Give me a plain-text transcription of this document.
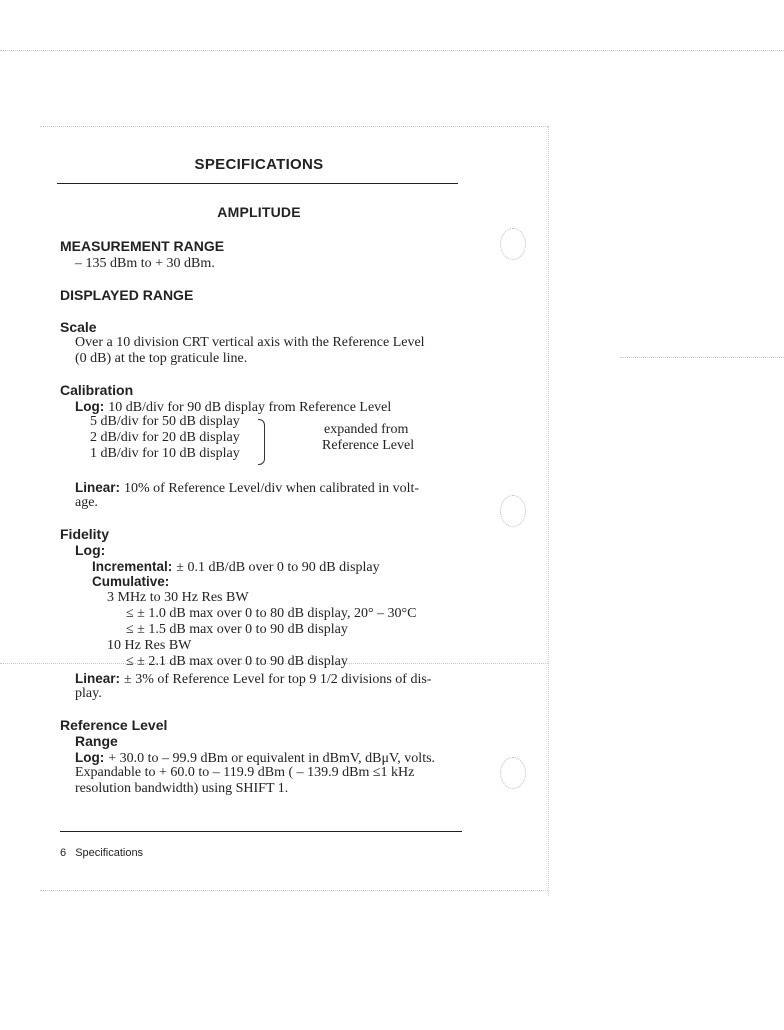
SPECIFICATIONS
AMPLITUDE
MEASUREMENT RANGE
– 135 dBm to + 30 dBm.
DISPLAYED RANGE
Scale
Over a 10 division CRT vertical axis with the Reference Level
(0 dB) at the top graticule line.
Calibration
Log: 10 dB/div for 90 dB display from Reference Level
5 dB/div for 50 dB display
2 dB/div for 20 dB display
1 dB/div for 10 dB display
expanded from
Reference Level
Linear: 10% of Reference Level/div when calibrated in volt-
age.
Fidelity
Log:
Incremental: ± 0.1 dB/dB over 0 to 90 dB display
Cumulative:
3 MHz to 30 Hz Res BW
≤ ± 1.0 dB max over 0 to 80 dB display, 20° – 30°C
≤ ± 1.5 dB max over 0 to 90 dB display
10 Hz Res BW
≤ ± 2.1 dB max over 0 to 90 dB display
Linear: ± 3% of Reference Level for top 9 1/2 divisions of dis-
play.
Reference Level
Range
Log: + 30.0 to – 99.9 dBm or equivalent in dBmV, dBμV, volts.
Expandable to + 60.0 to – 119.9 dBm ( – 139.9 dBm ≤1 kHz
resolution bandwidth) using SHIFT 1.
6 Specifications
